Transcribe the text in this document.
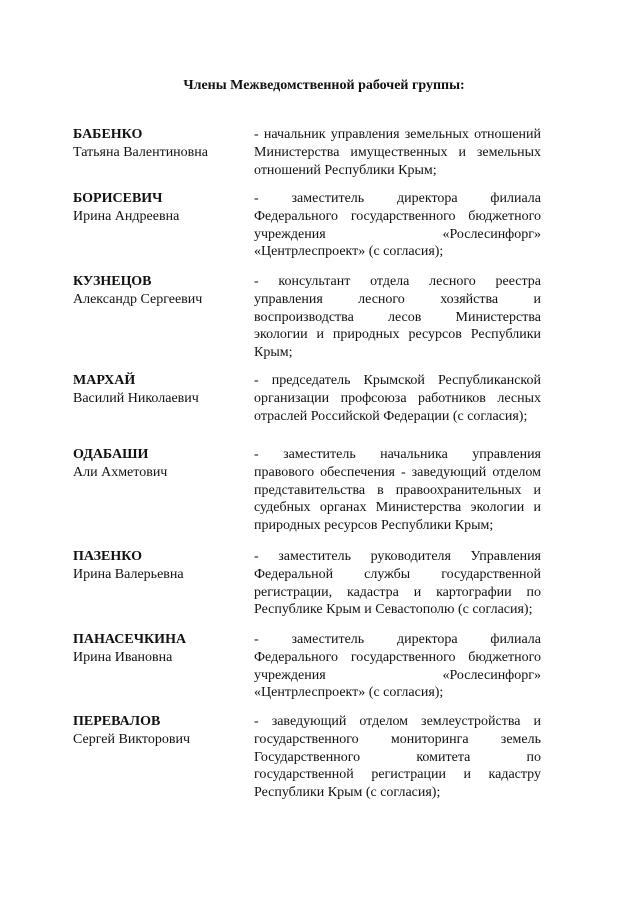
Члены Межведомственной рабочей группы:
БАБЕНКО
Татьяна Валентиновна
- начальник управления земельных отношений
Министерства имущественных и земельных
отношений Республики Крым;
БОРИСЕВИЧ
Ирина Андреевна
- заместитель директора филиала
Федерального государственного бюджетного
учреждения «Рослесинфорг»
«Центрлеспроект» (с согласия);
КУЗНЕЦОВ
Александр Сергеевич
- консультант отдела лесного реестра
управления лесного хозяйства и
воспроизводства лесов Министерства
экологии и природных ресурсов Республики
Крым;
МАРХАЙ
Василий Николаевич
- председатель Крымской Республиканской
организации профсоюза работников лесных
отраслей Российской Федерации (с согласия);
ОДАБАШИ
Али Ахметович
- заместитель начальника управления
правового обеспечения - заведующий отделом
представительства в правоохранительных и
судебных органах Министерства экологии и
природных ресурсов Республики Крым;
ПАЗЕНКО
Ирина Валерьевна
- заместитель руководителя Управления
Федеральной службы государственной
регистрации, кадастра и картографии по
Республике Крым и Севастополю (с согласия);
ПАНАСЕЧКИНА
Ирина Ивановна
- заместитель директора филиала
Федерального государственного бюджетного
учреждения «Рослесинфорг»
«Центрлеспроект» (с согласия);
ПЕРЕВАЛОВ
Сергей Викторович
- заведующий отделом землеустройства и
государственного мониторинга земель
Государственного комитета по
государственной регистрации и кадастру
Республики Крым (с согласия);
